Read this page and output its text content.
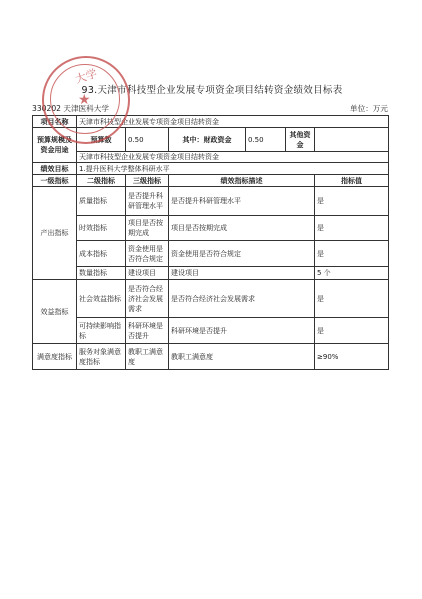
93.天津市科技型企业发展专项资金项目结转资金绩效目标表
330202 天津医科大学	单位：万元
项目名称	天津市科技型企业发展专项资金项目结转资金					
预算规模及资金用途	预算数	0.50	其中：财政资金	0.50	其他资金	
	天津市科技型企业发展专项资金项目结转资金					
绩效目标	1.提升医科大学整体科研水平					
一级指标	二级指标	三级指标	绩效指标描述			指标值
产出指标	质量指标	是否提升科研管理水平	是否提升科研管理水平			是
	时效指标	项目是否按期完成	项目是否按期完成			是
	成本指标	资金使用是否符合规定	资金使用是否符合规定			是
	数量指标	建设项目	建设项目			5 个
效益指标	社会效益指标	是否符合经济社会发展需求	是否符合经济社会发展需求			是
	可持续影响指标	科研环境是否提升	科研环境是否提升			是
满意度指标	服务对象满意度指标	教职工满意度	教职工满意度			≥90%
大学
★
